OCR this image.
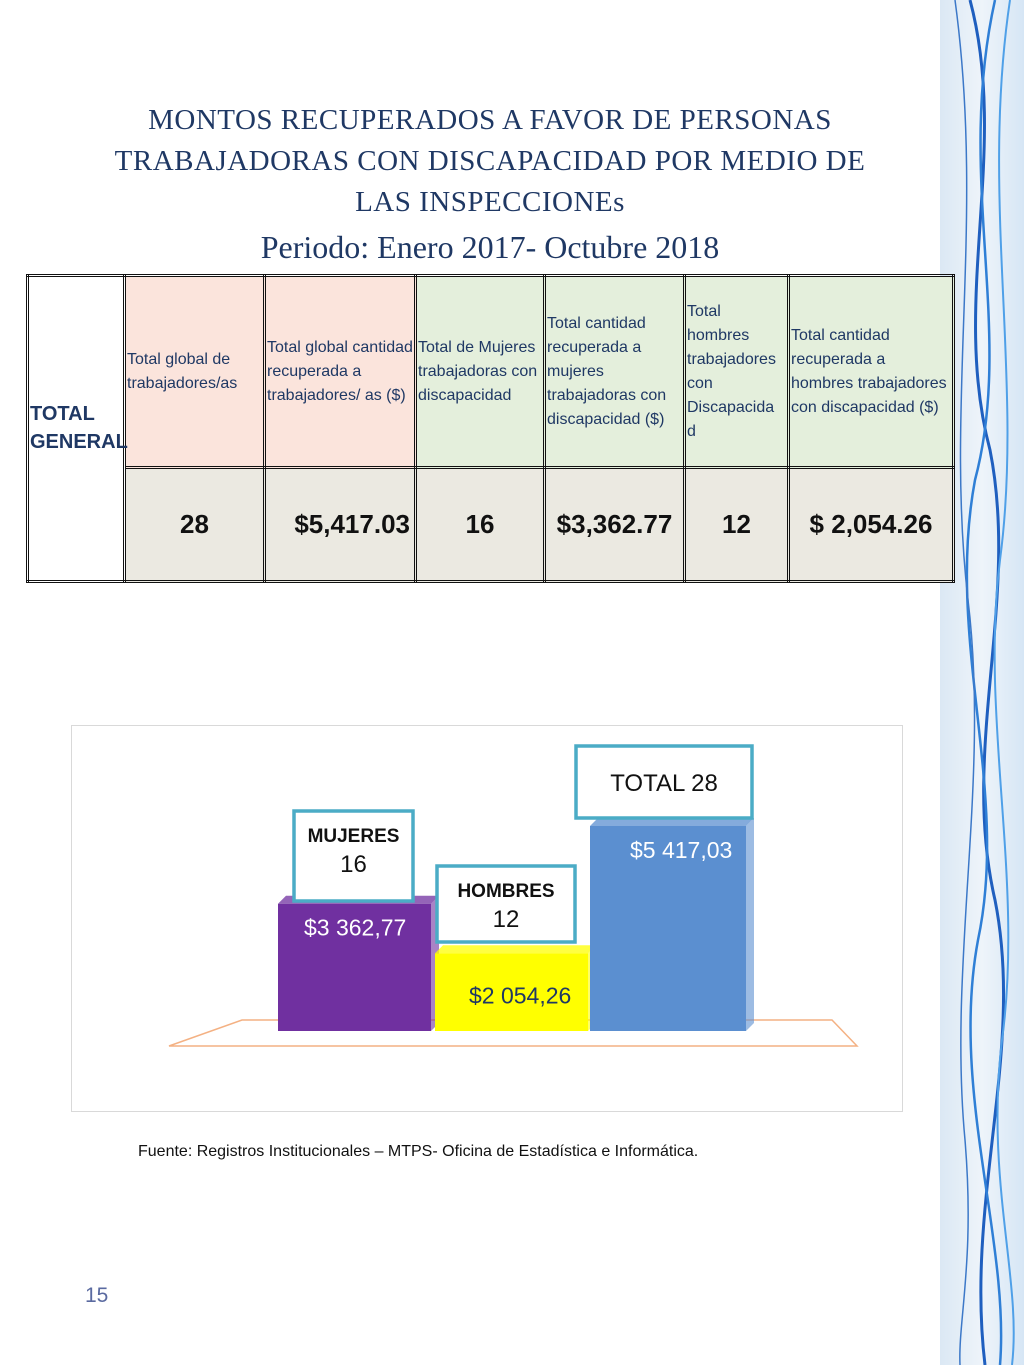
MONTOS RECUPERADOS A FAVOR DE PERSONAS
TRABAJADORAS CON DISCAPACIDAD POR MEDIO DE
LAS INSPECCIONEs
Periodo: Enero 2017- Octubre 2018
TOTAL GENERAL	Total global de trabajadores/as	Total global cantidad recuperada a trabajadores/ as ($)	Total de Mujeres trabajadoras con discapacidad	Total cantidad recuperada a mujeres trabajadoras con discapacidad ($)	Total hombres trabajadores con Discapacida d	Total cantidad recuperada a hombres trabajadores con discapacidad ($)
	28	$5,417.03	16	$3,362.77	12	$ 2,054.26
$3 362,77
$2 054,26
$5 417,03
MUJERES
16
HOMBRES
12
TOTAL 28
Fuente: Registros Institucionales – MTPS- Oficina de Estadística e Informática.
15
